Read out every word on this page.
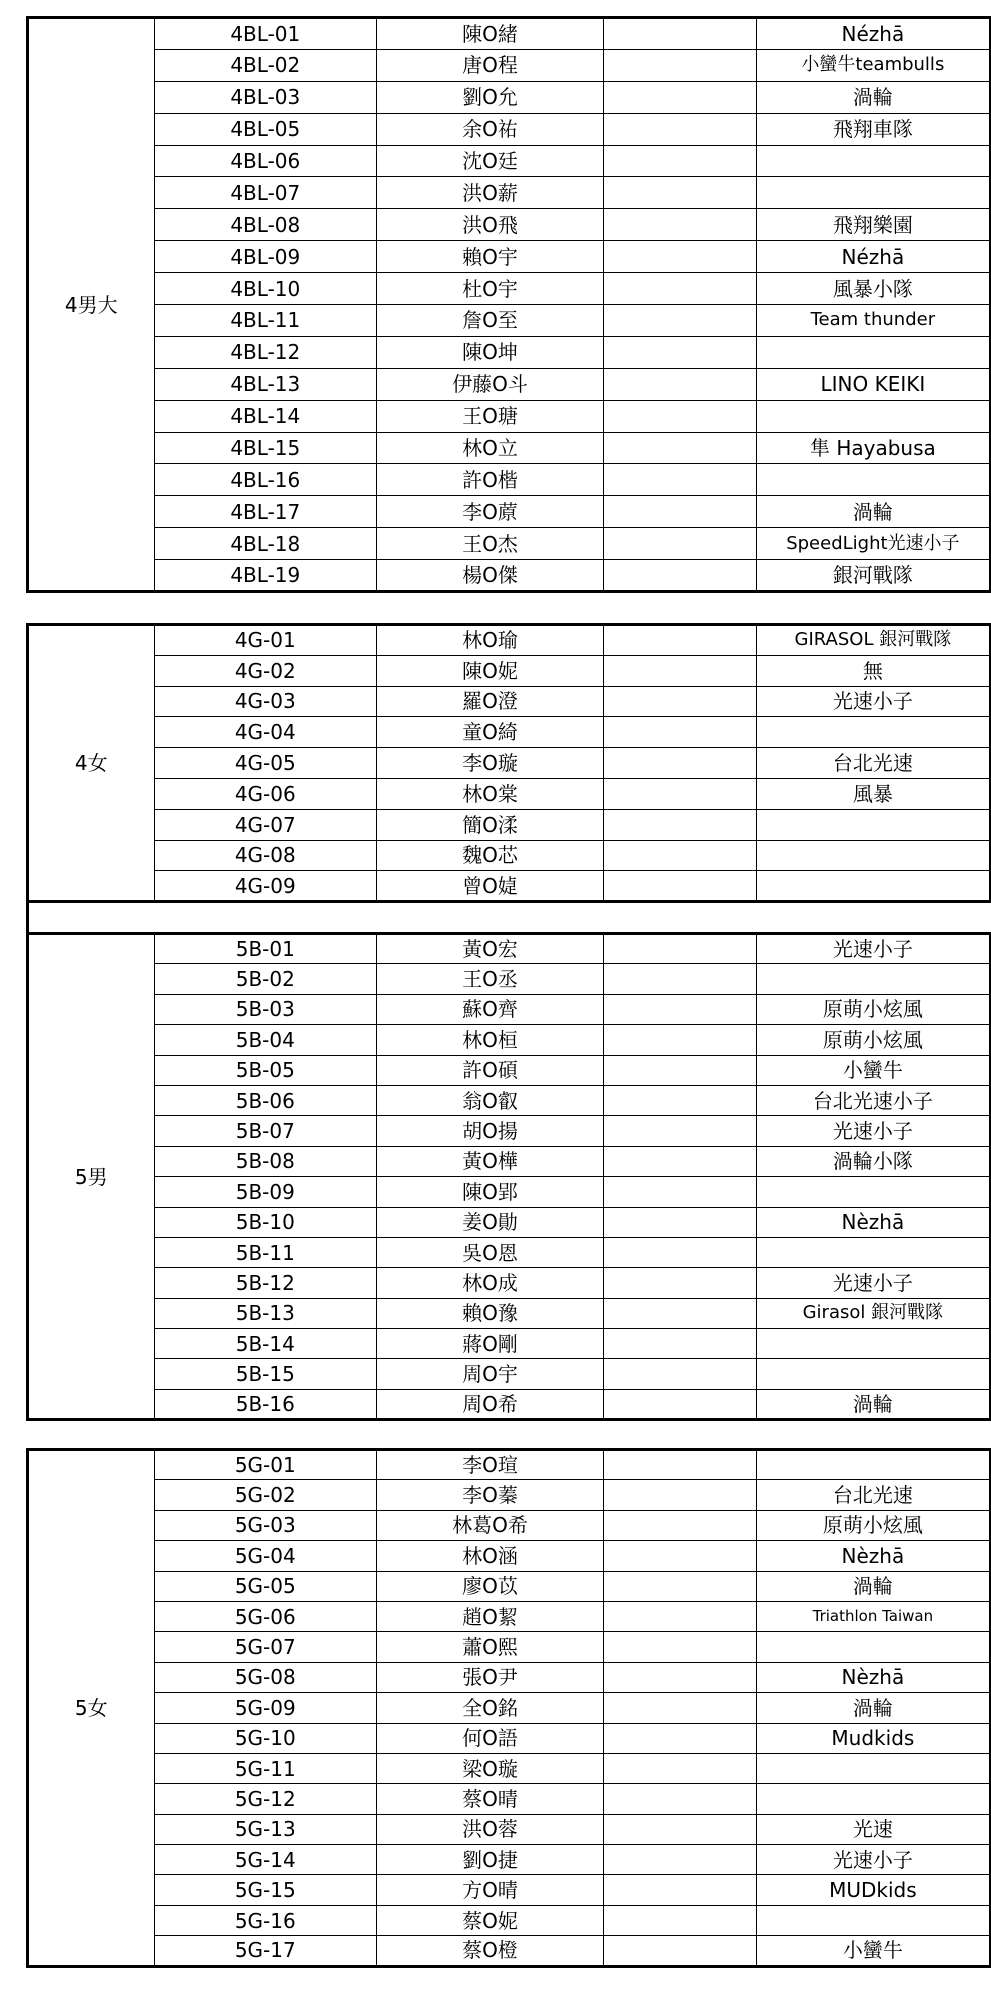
4男大	4BL-01	陳O緒		Nézhā
	4BL-02	唐O程		小蠻牛teambulls
	4BL-03	劉O允		渦輪
	4BL-05	余O祐		飛翔車隊
	4BL-06	沈O廷		
	4BL-07	洪O薪		
	4BL-08	洪O飛		飛翔樂園
	4BL-09	賴O宇		Nézhā
	4BL-10	杜O宇		風暴小隊
	4BL-11	詹O至		Team thunder
	4BL-12	陳O坤		
	4BL-13	伊藤O斗		LINO KEIKI
	4BL-14	王O瑭		
	4BL-15	林O立		隼 Hayabusa
	4BL-16	許O楷		
	4BL-17	李O蒝		渦輪
	4BL-18	王O杰		SpeedLight光速小子
	4BL-19	楊O傑		銀河戰隊
4女	4G-01	林O瑜		GIRASOL 銀河戰隊
	4G-02	陳O妮		無
	4G-03	羅O澄		光速小子
	4G-04	童O綺		
	4G-05	李O璇		台北光速
	4G-06	林O棠		風暴
	4G-07	簡O渘		
	4G-08	魏O芯		
	4G-09	曾O媫		
5男	5B-01	黃O宏		光速小子
	5B-02	王O丞		
	5B-03	蘇O齊		原萌小炫風
	5B-04	林O桓		原萌小炫風
	5B-05	許O碩		小蠻牛
	5B-06	翁O叡		台北光速小子
	5B-07	胡O揚		光速小子
	5B-08	黃O樺		渦輪小隊
	5B-09	陳O郢		
	5B-10	姜O勛		Nèzhā
	5B-11	吳O恩		
	5B-12	林O成		光速小子
	5B-13	賴O豫		Girasol 銀河戰隊
	5B-14	蔣O剛		
	5B-15	周O宇		
	5B-16	周O希		渦輪
5女	5G-01	李O瑄		
	5G-02	李O蓁		台北光速
	5G-03	林葛O希		原萌小炫風
	5G-04	林O涵		Nèzhā
	5G-05	廖O苡		渦輪
	5G-06	趙O絜		Triathlon Taiwan
	5G-07	蕭O熙		
	5G-08	張O尹		Nèzhā
	5G-09	全O銘		渦輪
	5G-10	何O語		Mudkids
	5G-11	梁O璇		
	5G-12	蔡O晴		
	5G-13	洪O蓉		光速
	5G-14	劉O捷		光速小子
	5G-15	方O晴		MUDkids
	5G-16	蔡O妮		
	5G-17	蔡O橙		小蠻牛
